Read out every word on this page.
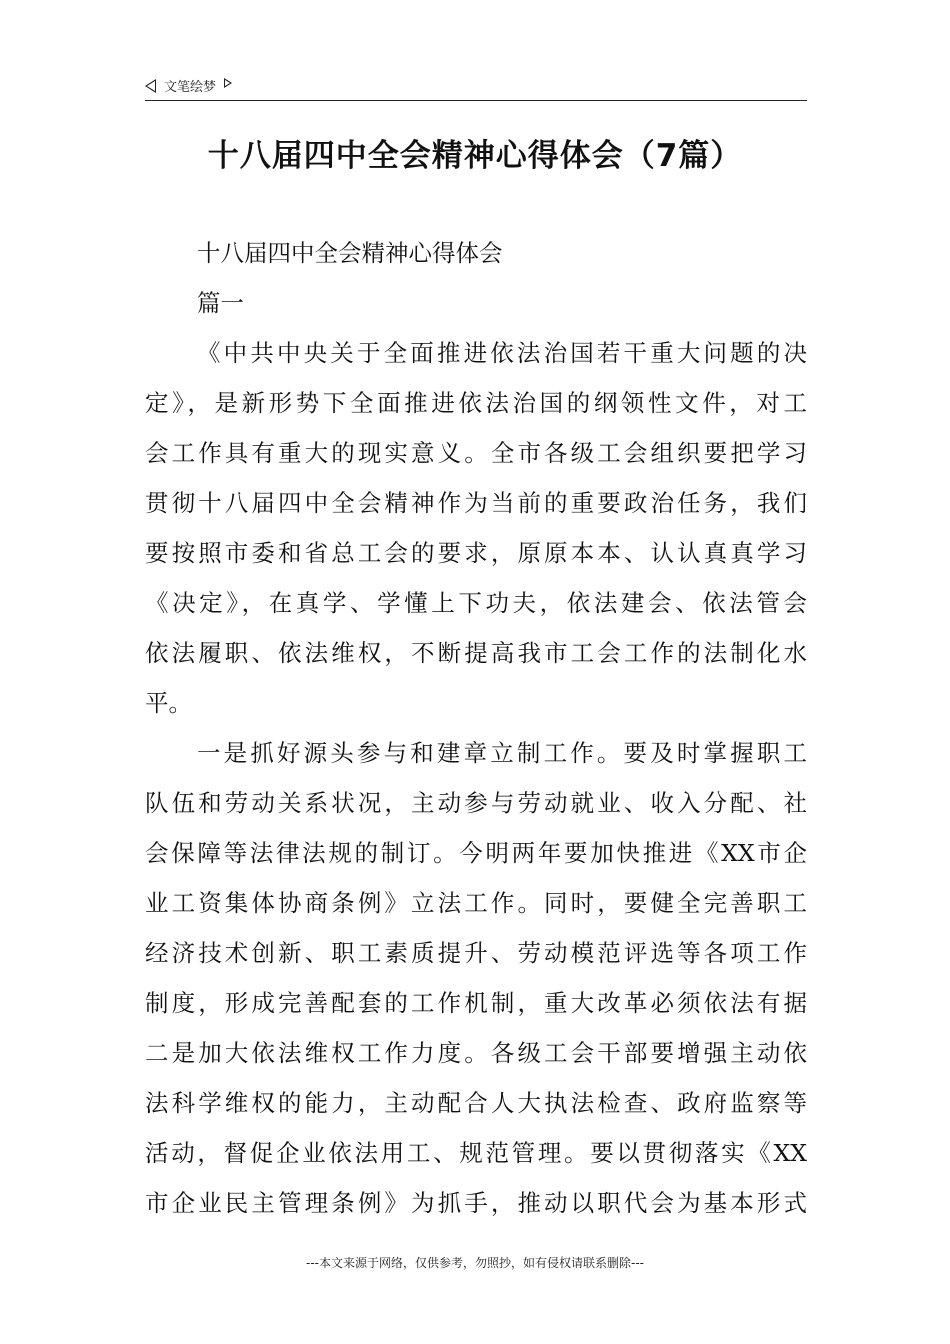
文笔绘梦
十八届四中全会精神心得体会（7篇）
十八届四中全会精神心得体会
篇一
《中共中央关于全面推进依法治国若干重大问题的决
定》，是新形势下全面推进依法治国的纲领性文件，对工
会工作具有重大的现实意义。全市各级工会组织要把学习
贯彻十八届四中全会精神作为当前的重要政治任务，我们
要按照市委和省总工会的要求，原原本本、认认真真学习
《决定》，在真学、学懂上下功夫，依法建会、依法管会
依法履职、依法维权，不断提高我市工会工作的法制化水
平。
一是抓好源头参与和建章立制工作。要及时掌握职工
队伍和劳动关系状况，主动参与劳动就业、收入分配、社
会保障等法律法规的制订。今明两年要加快推进《XX市企
业工资集体协商条例》立法工作。同时，要健全完善职工
经济技术创新、职工素质提升、劳动模范评选等各项工作
制度，形成完善配套的工作机制，重大改革必须依法有据
二是加大依法维权工作力度。各级工会干部要增强主动依
法科学维权的能力，主动配合人大执法检查、政府监察等
活动，督促企业依法用工、规范管理。要以贯彻落实《XX
市企业民主管理条例》为抓手，推动以职代会为基本形式
---本文来源于网络，仅供参考，勿照抄，如有侵权请联系删除---
